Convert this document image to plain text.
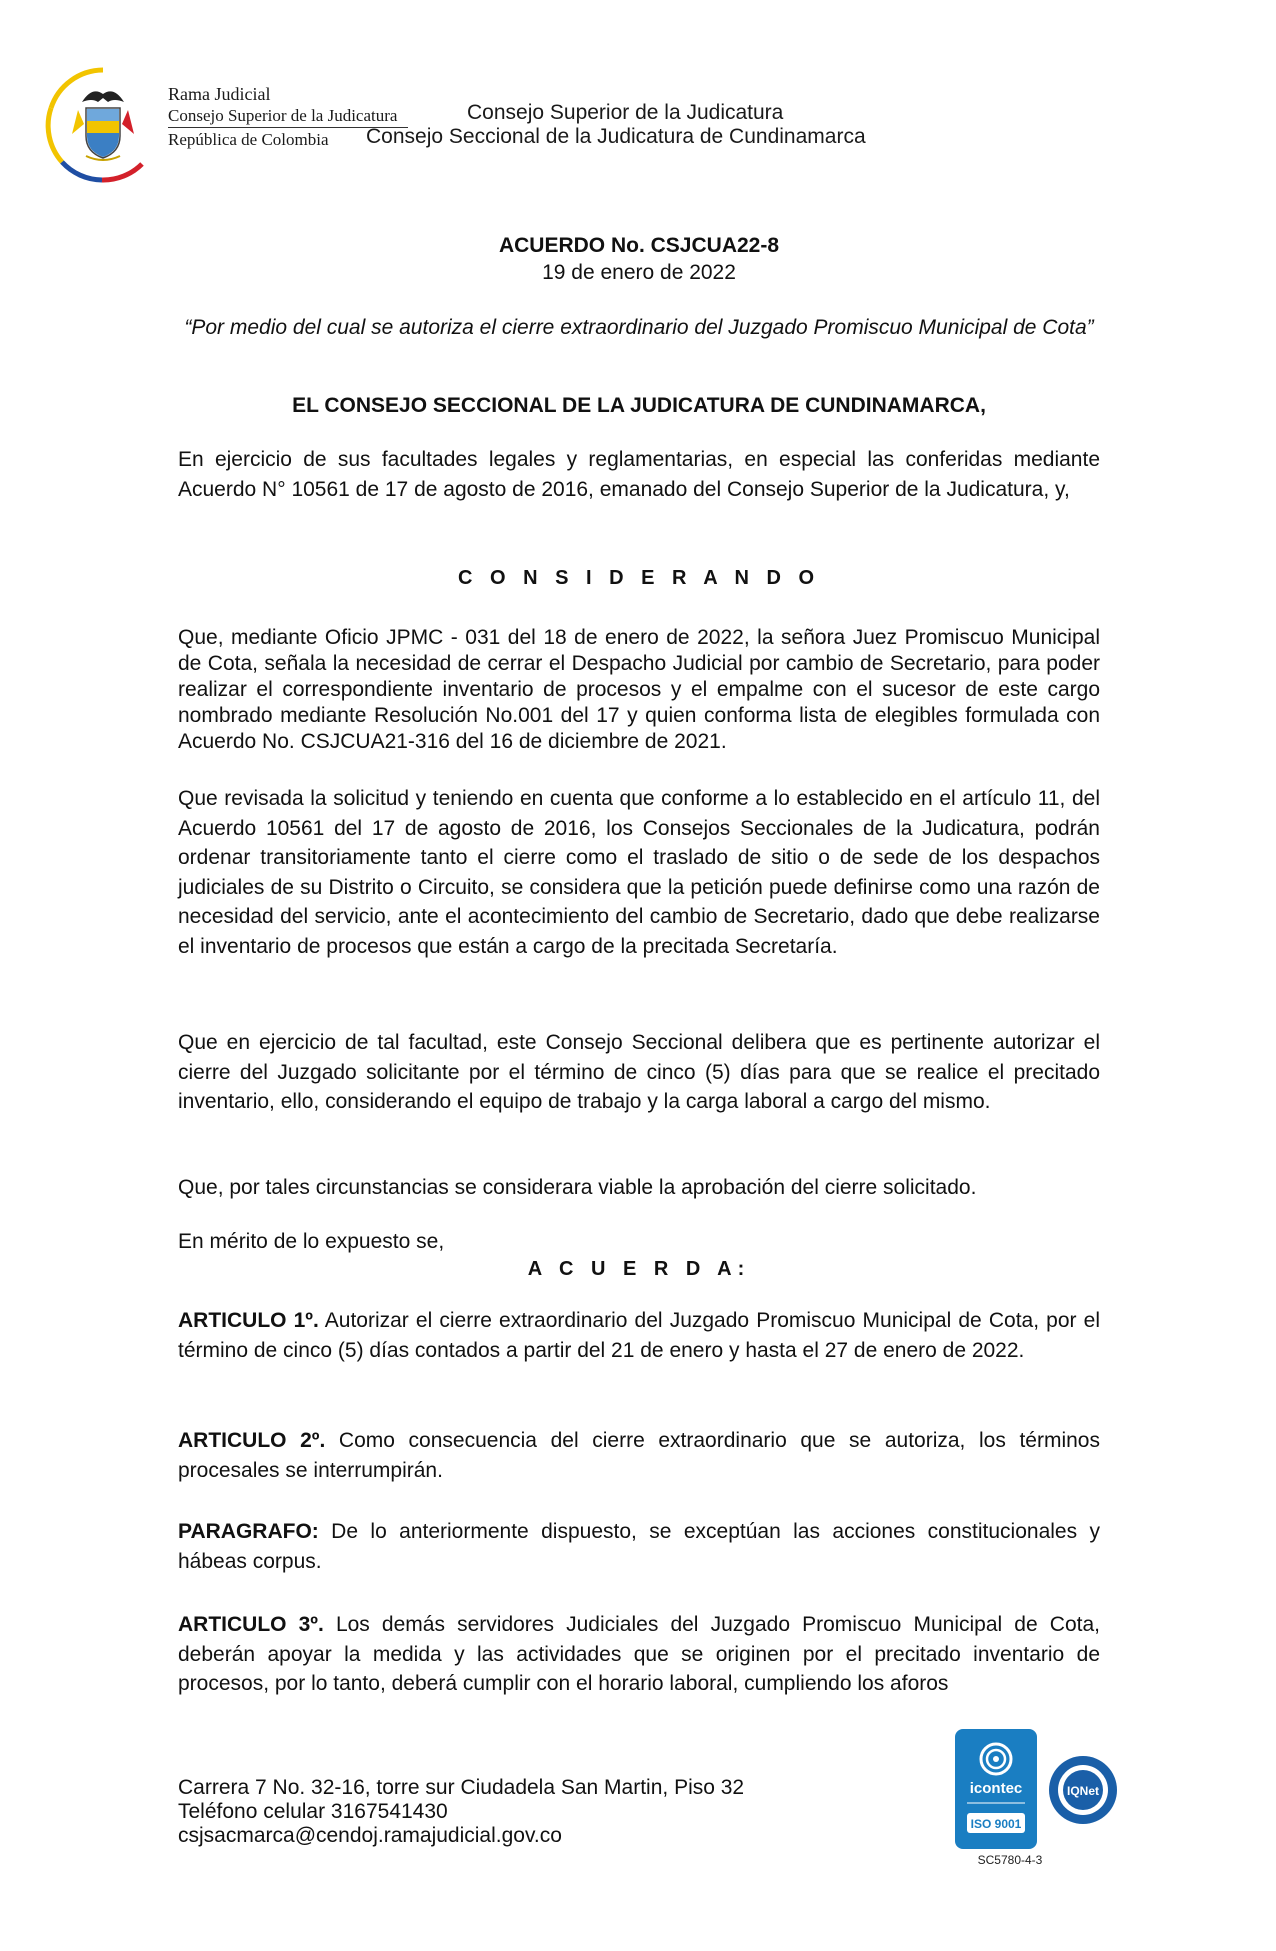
Rama Judicial
Consejo Superior de la Judicatura
República de Colombia
Consejo Superior de la Judicatura
Consejo Seccional de la Judicatura de Cundinamarca
ACUERDO No. CSJCUA22-8
19 de enero de 2022
“Por medio del cual se autoriza el cierre extraordinario del Juzgado Promiscuo Municipal de Cota”
EL CONSEJO SECCIONAL DE LA JUDICATURA DE CUNDINAMARCA,
En ejercicio de sus facultades legales y reglamentarias, en especial las conferidas mediante Acuerdo N° 10561 de 17 de agosto de 2016, emanado del Consejo Superior de la Judicatura, y,
C O N S I D E R A N D O
Que, mediante Oficio JPMC - 031 del 18 de enero de 2022, la señora Juez Promiscuo Municipal de Cota, señala la necesidad de cerrar el Despacho Judicial por cambio de Secretario, para poder realizar el correspondiente inventario de procesos y el empalme con el sucesor de este cargo nombrado mediante Resolución No.001 del 17 y quien conforma lista de elegibles formulada con Acuerdo No. CSJCUA21-316 del 16 de diciembre de 2021.
Que revisada la solicitud y teniendo en cuenta que conforme a lo establecido en el artículo 11, del Acuerdo 10561 del 17 de agosto de 2016, los Consejos Seccionales de la Judicatura, podrán ordenar transitoriamente tanto el cierre como el traslado de sitio o de sede de los despachos judiciales de su Distrito o Circuito, se considera que la petición puede definirse como una razón de necesidad del servicio, ante el acontecimiento del cambio de Secretario, dado que debe realizarse el inventario de procesos que están a cargo de la precitada Secretaría.
Que en ejercicio de tal facultad, este Consejo Seccional delibera que es pertinente autorizar el cierre del Juzgado solicitante por el término de cinco (5) días para que se realice el precitado inventario, ello, considerando el equipo de trabajo y la carga laboral a cargo del mismo.
Que, por tales circunstancias se considerara viable la aprobación del cierre solicitado.
En mérito de lo expuesto se,
A C U E R D A:
ARTICULO 1º. Autorizar el cierre extraordinario del Juzgado Promiscuo Municipal de Cota, por el término de cinco (5) días contados a partir del 21 de enero y hasta el 27 de enero de 2022.
ARTICULO 2º. Como consecuencia del cierre extraordinario que se autoriza, los términos procesales se interrumpirán.
PARAGRAFO: De lo anteriormente dispuesto, se exceptúan las acciones constitucionales y hábeas corpus.
ARTICULO 3º. Los demás servidores Judiciales del Juzgado Promiscuo Municipal de Cota, deberán apoyar la medida y las actividades que se originen por el precitado inventario de procesos, por lo tanto, deberá cumplir con el horario laboral, cumpliendo los aforos
Carrera 7 No. 32-16, torre sur Ciudadela San Martin, Piso 32
Teléfono celular 3167541430
csjsacmarca@cendoj.ramajudicial.gov.co
icontec
ISO 9001
IQNet
SC5780-4-3
